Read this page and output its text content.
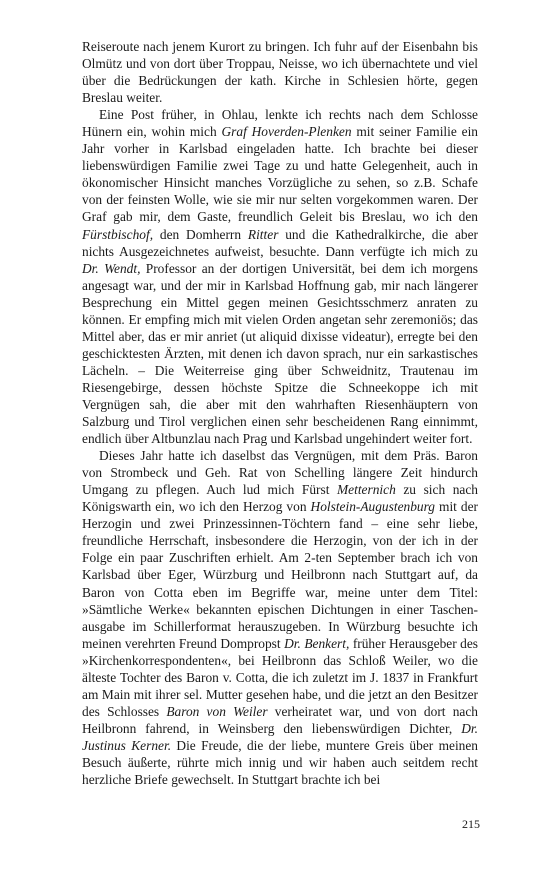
Reiseroute nach jenem Kurort zu bringen. Ich fuhr auf der Eisenbahn bis Olmütz und von dort über Troppau, Neisse, wo ich übernachtete und viel über die Bedrückungen der kath. Kirche in Schlesien hörte, gegen Breslau weiter.

Eine Post früher, in Ohlau, lenkte ich rechts nach dem Schlosse Hünern ein, wohin mich Graf Hoverden-Plenken mit seiner Familie ein Jahr vorher in Karlsbad eingeladen hatte. Ich brachte bei dieser liebenswürdigen Familie zwei Tage zu und hatte Gelegenheit, auch in ökonomischer Hinsicht manches Vorzügliche zu sehen, so z.B. Schafe von der feinsten Wolle, wie sie mir nur selten vorgekommen waren. Der Graf gab mir, dem Gaste, freundlich Geleit bis Breslau, wo ich den Fürstbischof, den Domherrn Ritter und die Kathedralkirche, die aber nichts Ausgezeichnetes aufweist, besuchte. Dann verfügte ich mich zu Dr. Wendt, Professor an der dortigen Universität, bei dem ich morgens angesagt war, und der mir in Karlsbad Hoffnung gab, mir nach längerer Besprechung ein Mittel gegen meinen Gesichtsschmerz anraten zu können. Er empfing mich mit vielen Orden angetan sehr zeremoniös; das Mittel aber, das er mir anriet (ut aliquid dixisse videatur), erregte bei den geschicktesten Ärzten, mit denen ich davon sprach, nur ein sarkastisches Lächeln. – Die Weiterreise ging über Schweidnitz, Trautenau im Riesengebirge, dessen höchste Spitze die Schneekoppe ich mit Vergnügen sah, die aber mit den wahrhaften Riesenhäuptern von Salzburg und Tirol verglichen einen sehr bescheidenen Rang einnimmt, endlich über Altbunzlau nach Prag und Karlsbad ungehindert weiter fort.

Dieses Jahr hatte ich daselbst das Vergnügen, mit dem Präs. Baron von Strombeck und Geh. Rat von Schelling längere Zeit hindurch Umgang zu pflegen. Auch lud mich Fürst Metternich zu sich nach Königswarth ein, wo ich den Herzog von Holstein-Augustenburg mit der Herzogin und zwei Prinzessinnen-Töchtern fand – eine sehr liebe, freundliche Herrschaft, insbesondere die Herzogin, von der ich in der Folge ein paar Zuschriften erhielt. Am 2-ten September brach ich von Karlsbad über Eger, Würzburg und Heilbronn nach Stuttgart auf, da Baron von Cotta eben im Begriffe war, meine unter dem Titel: »Sämtliche Werke« bekannten epischen Dichtungen in einer Taschenausgabe im Schillerformat herauszugeben. In Würzburg besuchte ich meinen verehrten Freund Dompropst Dr. Benkert, früher Herausgeber des »Kirchenkorrespondenten«, bei Heilbronn das Schloß Weiler, wo die älteste Tochter des Baron v. Cotta, die ich zuletzt im J. 1837 in Frankfurt am Main mit ihrer sel. Mutter gesehen habe, und die jetzt an den Besitzer des Schlosses Baron von Weiler verheiratet war, und von dort nach Heilbronn fahrend, in Weinsberg den liebenswürdigen Dichter, Dr. Justinus Kerner. Die Freude, die der liebe, muntere Greis über meinen Besuch äußerte, rührte mich innig und wir haben auch seitdem recht herzliche Briefe gewechselt. In Stuttgart brachte ich bei

215
